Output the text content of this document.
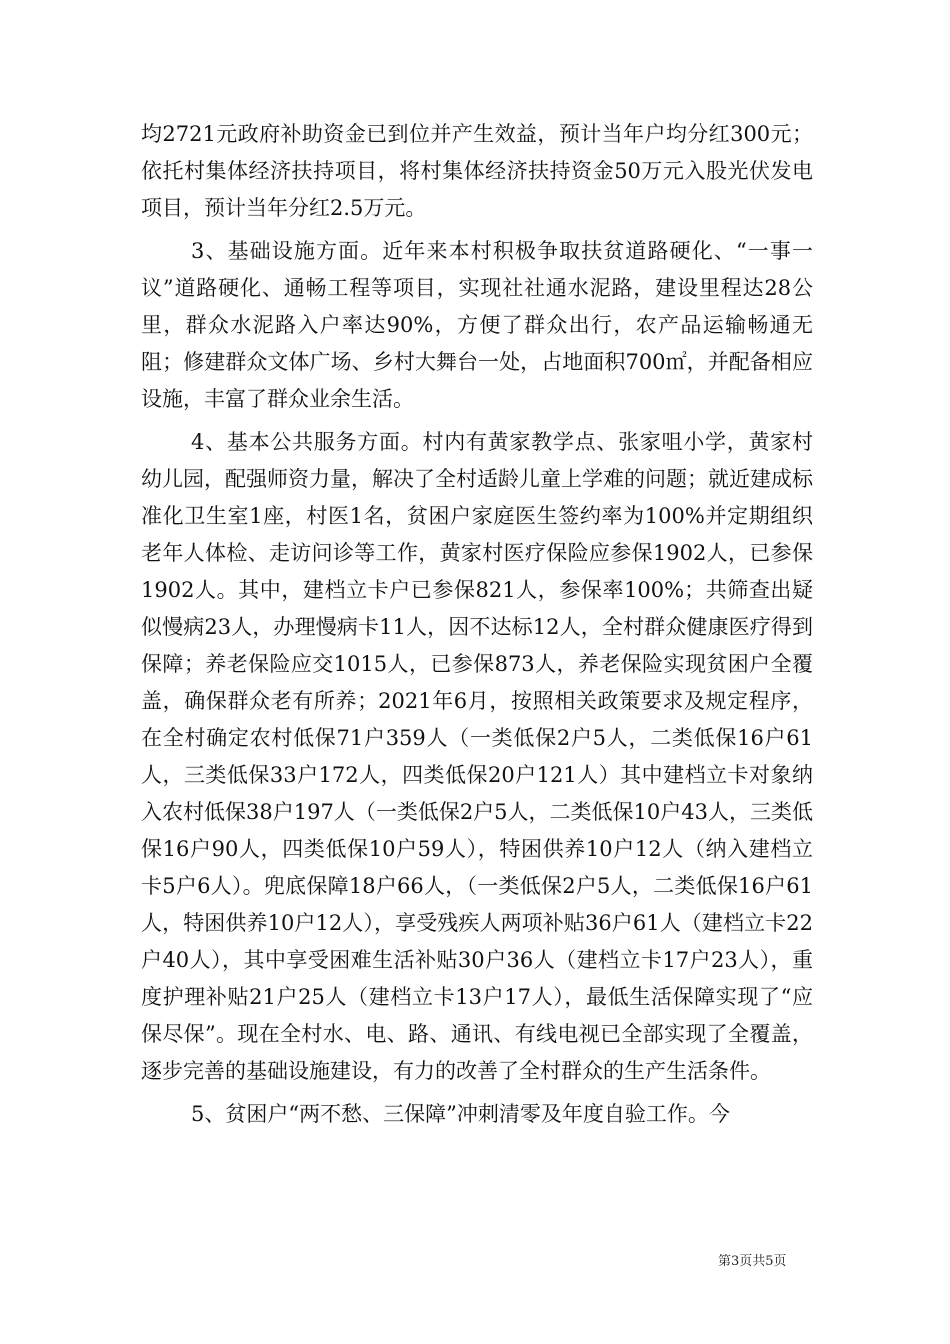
均2721元政府补助资金已到位并产生效益，预计当年户均分红300元；依托村集体经济扶持项目，将村集体经济扶持资金50万元入股光伏发电项目，预计当年分红2.5万元。

3、基础设施方面。近年来本村积极争取扶贫道路硬化、“一事一议”道路硬化、通畅工程等项目，实现社社通水泥路，建设里程达28公里，群众水泥路入户率达90%，方便了群众出行，农产品运输畅通无阻；修建群众文体广场、乡村大舞台一处，占地面积700㎡，并配备相应设施，丰富了群众业余生活。

4、基本公共服务方面。村内有黄家教学点、张家咀小学，黄家村幼儿园，配强师资力量，解决了全村适龄儿童上学难的问题；就近建成标准化卫生室1座，村医1名，贫困户家庭医生签约率为100%并定期组织老年人体检、走访问诊等工作，黄家村医疗保险应参保1902人，已参保1902人。其中，建档立卡户已参保821人，参保率100%；共筛查出疑似慢病23人，办理慢病卡11人，因不达标12人，全村群众健康医疗得到保障；养老保险应交1015人，已参保873人，养老保险实现贫困户全覆盖，确保群众老有所养；2021年6月，按照相关政策要求及规定程序，在全村确定农村低保71户359人（一类低保2户5人，二类低保16户61人，三类低保33户172人，四类低保20户121人）其中建档立卡对象纳入农村低保38户197人（一类低保2户5人，二类低保10户43人，三类低保16户90人，四类低保10户59人），特困供养10户12人（纳入建档立卡5户6人）。兜底保障18户66人，（一类低保2户5人，二类低保16户61人，特困供养10户12人），享受残疾人两项补贴36户61人（建档立卡22户40人），其中享受困难生活补贴30户36人（建档立卡17户23人），重度护理补贴21户25人（建档立卡13户17人），最低生活保障实现了“应保尽保”。现在全村水、电、路、通讯、有线电视已全部实现了全覆盖，逐步完善的基础设施建设，有力的改善了全村群众的生产生活条件。

5、贫困户“两不愁、三保障”冲刺清零及年度自验工作。今

第3页共5页
